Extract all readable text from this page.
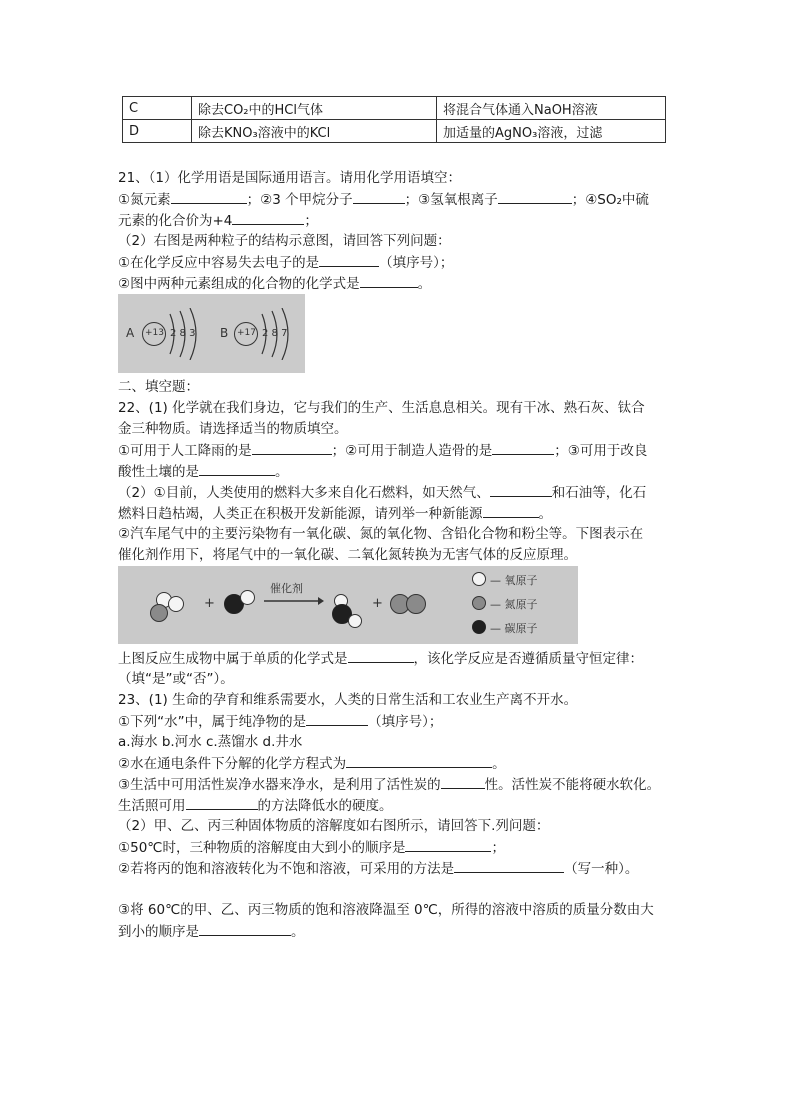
C	除去CO₂中的HCl气体	将混合气体通入NaOH溶液
D	除去KNO₃溶液中的KCl	加适量的AgNO₃溶液，过滤
21、（1）化学用语是国际通用语言。请用化学用语填空：
①氮元素	；②3 个甲烷分子	；③氢氧根离子	；④SO₂中硫
元素的化合价为+4	；
（2）右图是两种粒子的结构示意图，请回答下列问题：
①在化学反应中容易失去电子的是	（填序号）；
②图中两种元素组成的化合物的化学式是	。
A +13 2 8 3 B +17 2 8 7
二、填空题：
22、(1) 化学就在我们身边，它与我们的生产、生活息息相关。现有干冰、熟石灰、钛合
金三种物质。请选择适当的物质填空。
①可用于人工降雨的是	；②可用于制造人造骨的是	；③可用于改良
酸性土壤的是	。
（2）①目前，人类使用的燃料大多来自化石燃料，如天然气、	和石油等，化石
燃料日趋枯竭，人类正在积极开发新能源，请列举一种新能源	。
②汽车尾气中的主要污染物有一氧化碳、氮的氧化物、含铅化合物和粉尘等。下图表示在
催化剂作用下，将尾气中的一氧化碳、二氧化氮转换为无害气体的反应原理。
+
催化剂
+
— 氧原子
— 氮原子
— 碳原子
上图反应生成物中属于单质的化学式是	，该化学反应是否遵循质量守恒定律：
（填“是”或“否”）。
23、(1) 生命的孕育和维系需要水，人类的日常生活和工农业生产离不开水。
①下列“水”中，属于纯净物的是	（填序号）；
a.海水 b.河水 c.蒸馏水 d.井水
②水在通电条件下分解的化学方程式为	。
③生活中可用活性炭净水器来净水，是利用了活性炭的	性。活性炭不能将硬水软化。
生活照可用	的方法降低水的硬度。
（2）甲、乙、丙三种固体物质的溶解度如右图所示，请回答下.列问题：
①50℃时，三种物质的溶解度由大到小的顺序是	；
②若将丙的饱和溶液转化为不饱和溶液，可采用的方法是	（写一种）。
③将 60℃的甲、乙、丙三物质的饱和溶液降温至 0℃，所得的溶液中溶质的质量分数由大
到小的顺序是	。
